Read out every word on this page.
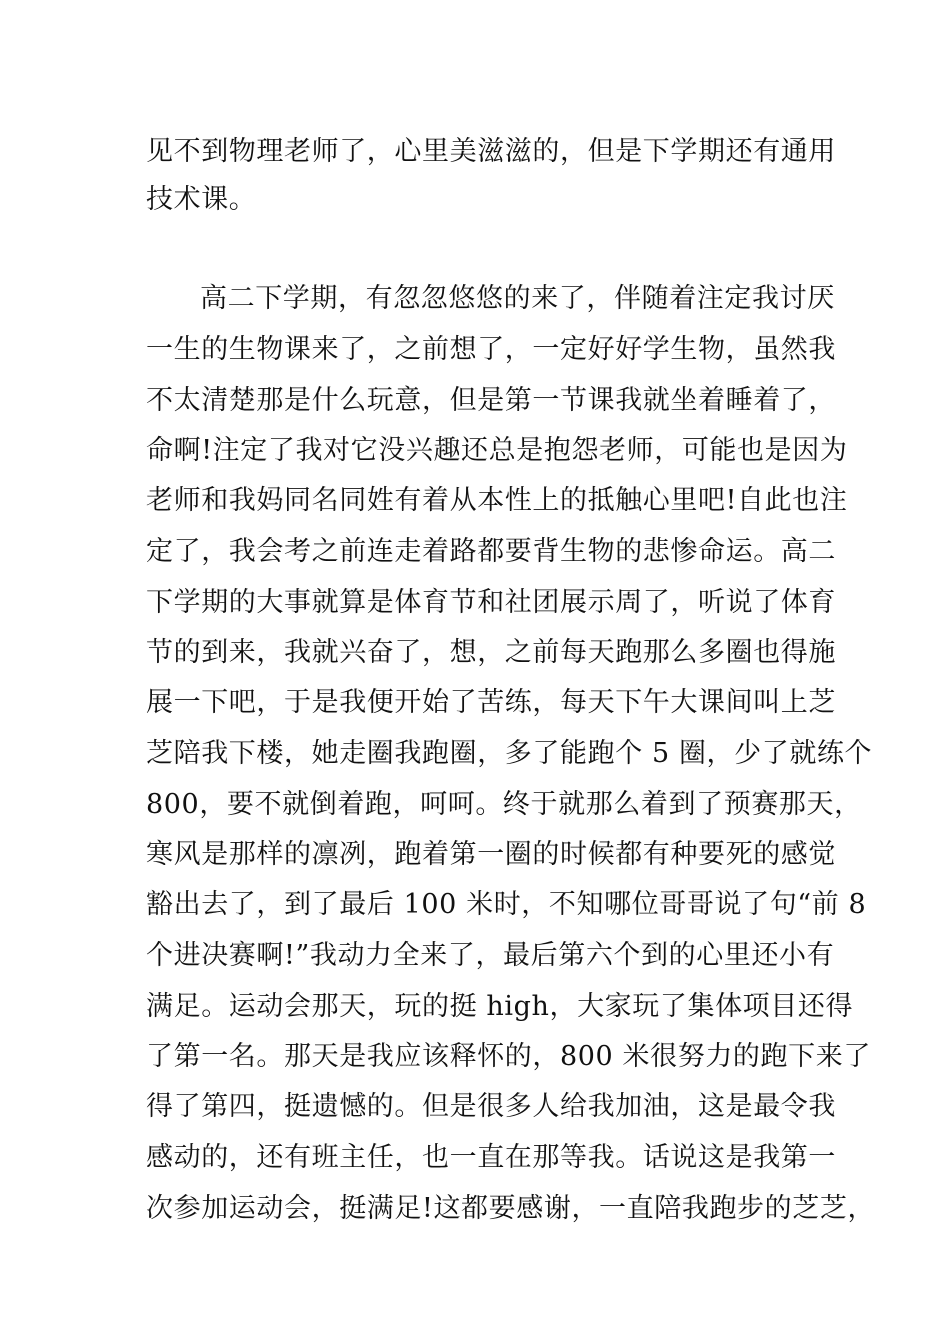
见不到物理老师了，心里美滋滋的，但是下学期还有通用
技术课。
高二下学期，有忽忽悠悠的来了，伴随着注定我讨厌
一生的生物课来了，之前想了，一定好好学生物，虽然我
不太清楚那是什么玩意，但是第一节课我就坐着睡着了，
命啊!注定了我对它没兴趣还总是抱怨老师，可能也是因为
老师和我妈同名同姓有着从本性上的抵触心里吧!自此也注
定了，我会考之前连走着路都要背生物的悲惨命运。高二
下学期的大事就算是体育节和社团展示周了，听说了体育
节的到来，我就兴奋了，想，之前每天跑那么多圈也得施
展一下吧，于是我便开始了苦练，每天下午大课间叫上芝
芝陪我下楼，她走圈我跑圈，多了能跑个 5 圈，少了就练个
800，要不就倒着跑，呵呵。终于就那么着到了预赛那天，
寒风是那样的凛冽，跑着第一圈的时候都有种要死的感觉
豁出去了，到了最后 100 米时，不知哪位哥哥说了句“前 8
个进决赛啊!”我动力全来了，最后第六个到的心里还小有
满足。运动会那天，玩的挺 high，大家玩了集体项目还得
了第一名。那天是我应该释怀的，800 米很努力的跑下来了
得了第四，挺遗憾的。但是很多人给我加油，这是最令我
感动的，还有班主任，也一直在那等我。话说这是我第一
次参加运动会，挺满足!这都要感谢，一直陪我跑步的芝芝，
